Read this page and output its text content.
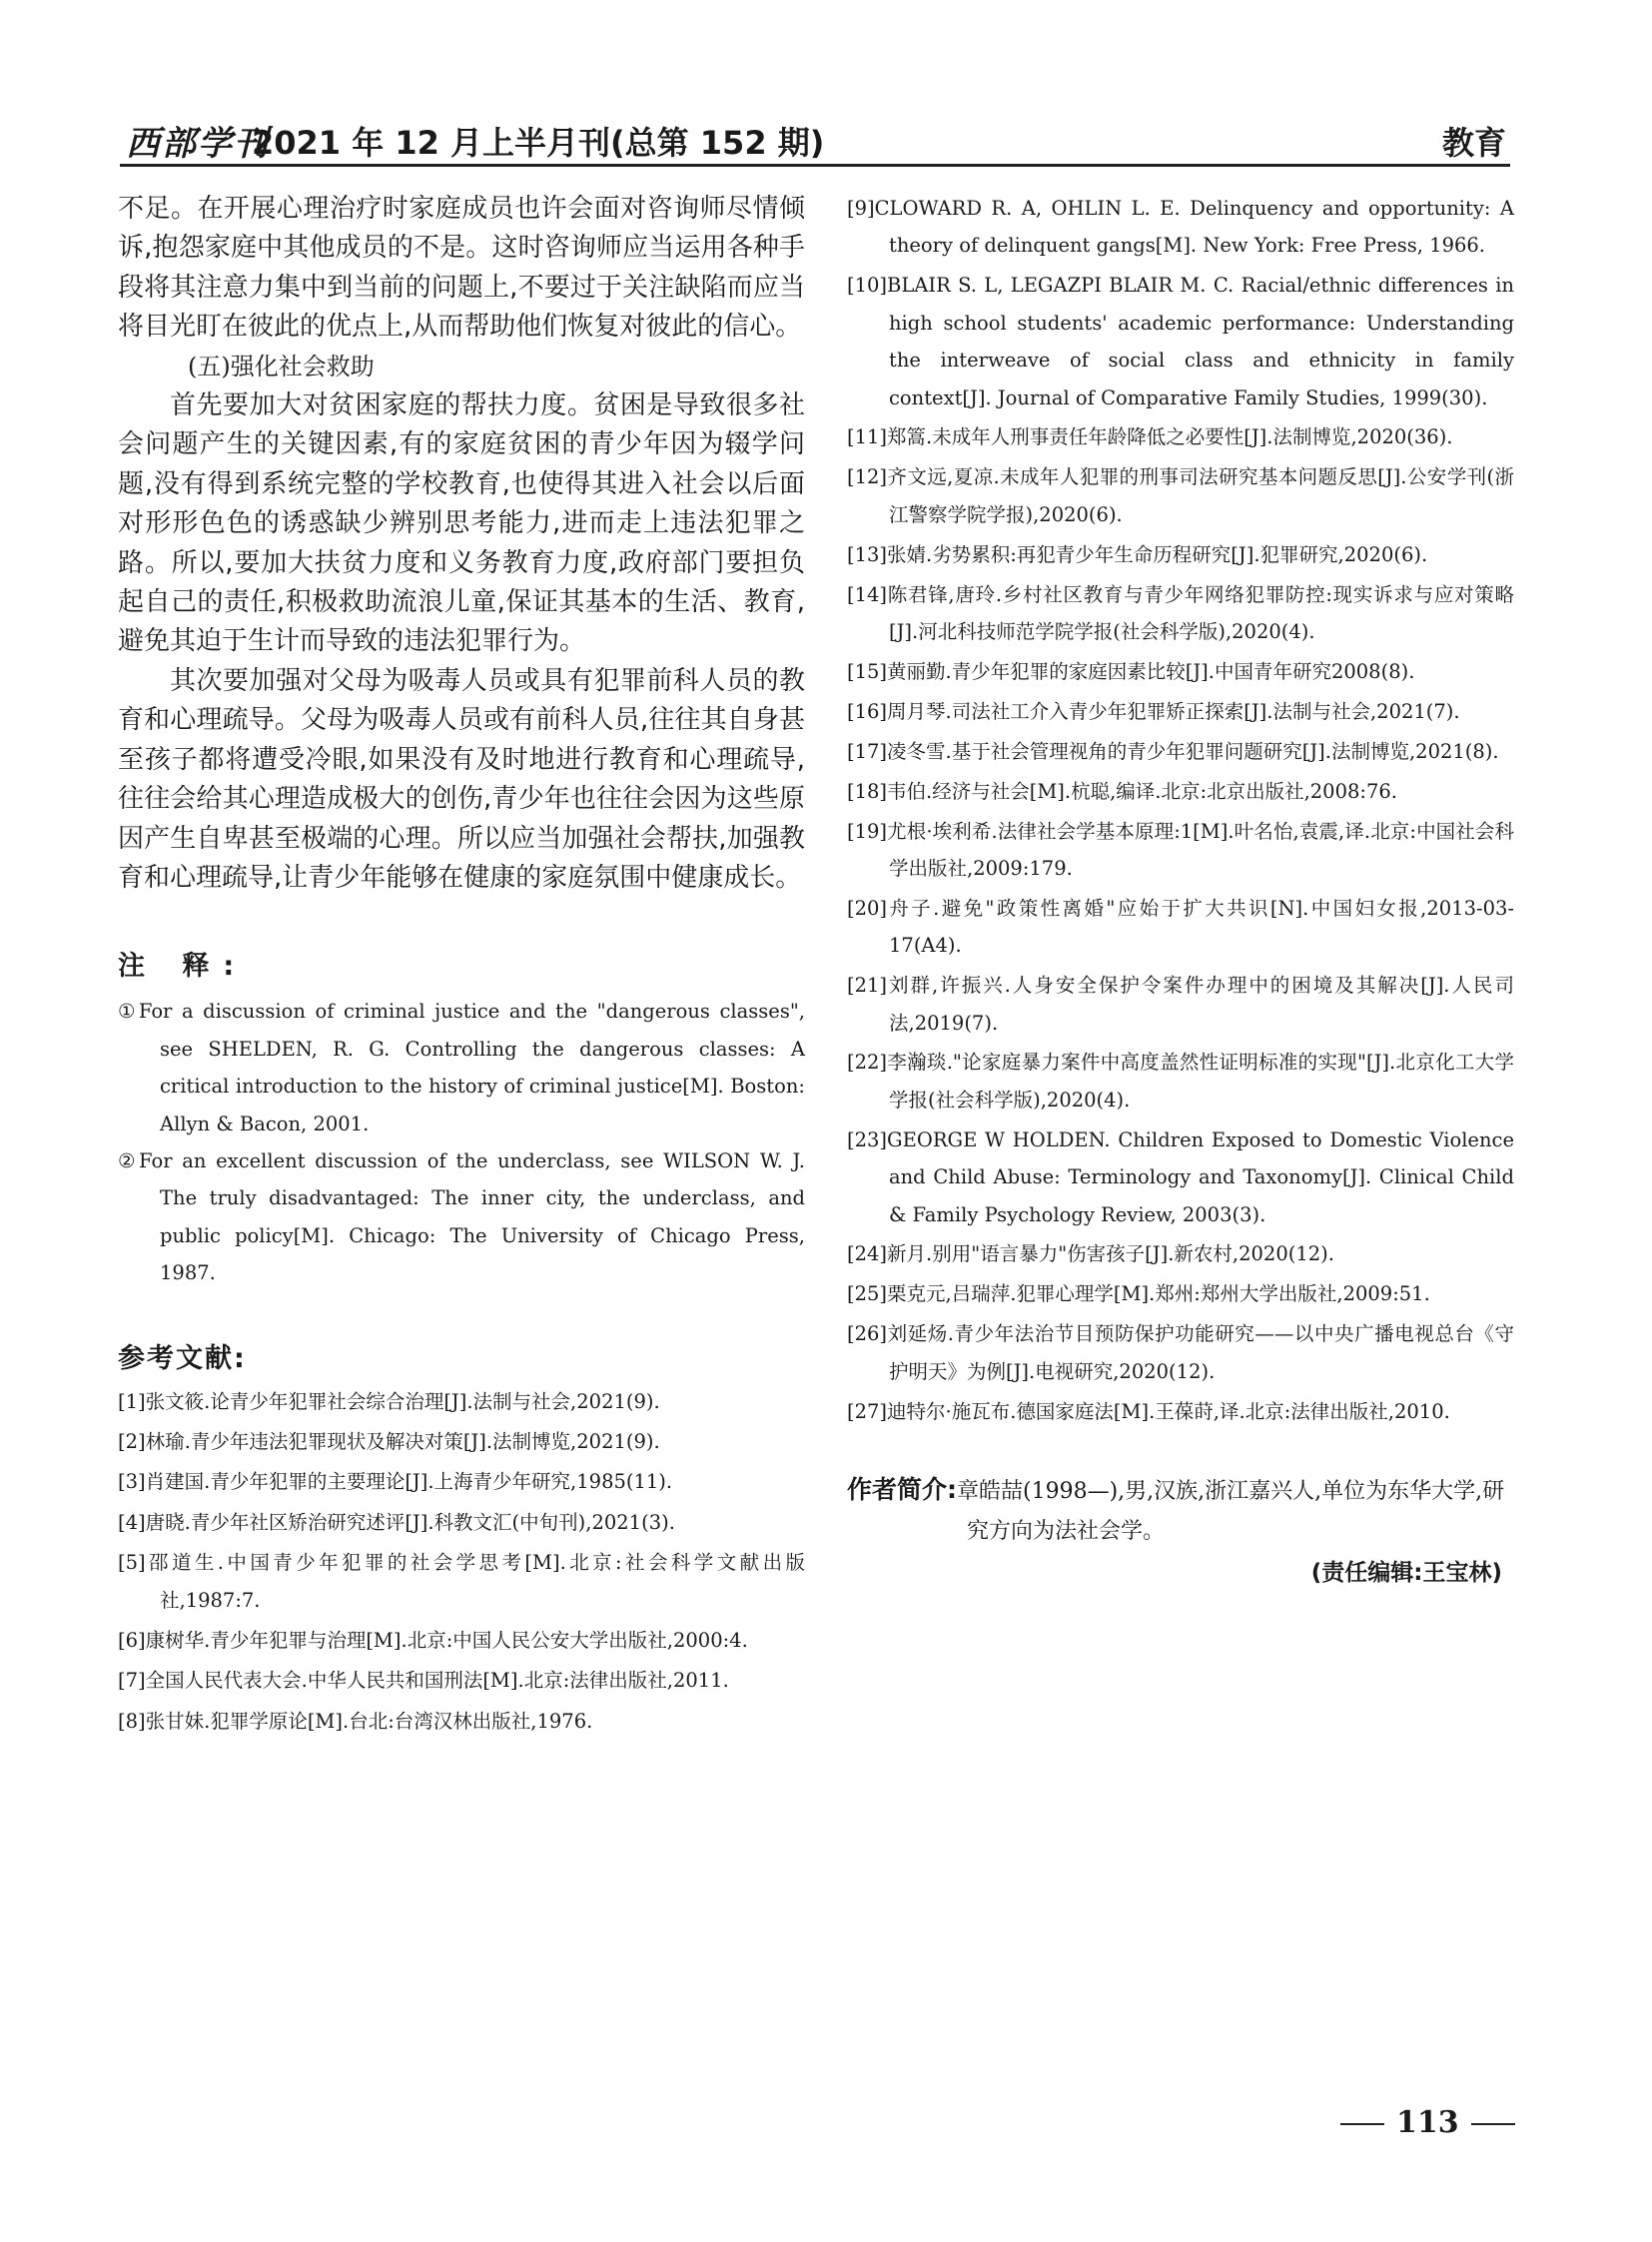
西部学刊
2021 年 12 月上半月刊(总第 152 期)	教育

不足。在开展心理治疗时家庭成员也许会面对咨询师尽情倾诉,抱怨家庭中其他成员的不是。这时咨询师应当运用各种手段将其注意力集中到当前的问题上,不要过于关注缺陷而应当将目光盯在彼此的优点上,从而帮助他们恢复对彼此的信心。

(五)强化社会救助

首先要加大对贫困家庭的帮扶力度。贫困是导致很多社会问题产生的关键因素,有的家庭贫困的青少年因为辍学问题,没有得到系统完整的学校教育,也使得其进入社会以后面对形形色色的诱惑缺少辨别思考能力,进而走上违法犯罪之路。所以,要加大扶贫力度和义务教育力度,政府部门要担负起自己的责任,积极救助流浪儿童,保证其基本的生活、教育,避免其迫于生计而导致的违法犯罪行为。

其次要加强对父母为吸毒人员或具有犯罪前科人员的教育和心理疏导。父母为吸毒人员或有前科人员,往往其自身甚至孩子都将遭受冷眼,如果没有及时地进行教育和心理疏导,往往会给其心理造成极大的创伤,青少年也往往会因为这些原因产生自卑甚至极端的心理。所以应当加强社会帮扶,加强教育和心理疏导,让青少年能够在健康的家庭氛围中健康成长。

注 释:

①For a discussion of criminal justice and the "dangerous classes", see SHELDEN, R. G. Controlling the dangerous classes: A critical introduction to the history of criminal justice[M]. Boston: Allyn & Bacon, 2001.

②For an excellent discussion of the underclass, see WILSON W. J. The truly disadvantaged: The inner city, the underclass, and public policy[M]. Chicago: The University of Chicago Press, 1987.

参考文献:

[1]张文筱.论青少年犯罪社会综合治理[J].法制与社会,2021(9).

[2]林瑜.青少年违法犯罪现状及解决对策[J].法制博览,2021(9).

[3]肖建国.青少年犯罪的主要理论[J].上海青少年研究,1985(11).

[4]唐晓.青少年社区矫治研究述评[J].科教文汇(中旬刊),2021(3).

[5]邵道生.中国青少年犯罪的社会学思考[M].北京:社会科学文献出版社,1987:7.

[6]康树华.青少年犯罪与治理[M].北京:中国人民公安大学出版社,2000:4.

[7]全国人民代表大会.中华人民共和国刑法[M].北京:法律出版社,2011.

[8]张甘妹.犯罪学原论[M].台北:台湾汉林出版社,1976.

[9]CLOWARD R. A, OHLIN L. E. Delinquency and opportunity: A theory of delinquent gangs[M]. New York: Free Press, 1966.

[10]BLAIR S. L, LEGAZPI BLAIR M. C. Racial/ethnic differences in high school students' academic performance: Understanding the interweave of social class and ethnicity in family context[J]. Journal of Comparative Family Studies, 1999(30).

[11]郑篙.未成年人刑事责任年龄降低之必要性[J].法制博览,2020(36).

[12]齐文远,夏凉.未成年人犯罪的刑事司法研究基本问题反思[J].公安学刊(浙江警察学院学报),2020(6).

[13]张婧.劣势累积:再犯青少年生命历程研究[J].犯罪研究,2020(6).

[14]陈君锋,唐玲.乡村社区教育与青少年网络犯罪防控:现实诉求与应对策略[J].河北科技师范学院学报(社会科学版),2020(4).

[15]黄丽勤.青少年犯罪的家庭因素比较[J].中国青年研究2008(8).

[16]周月琴.司法社工介入青少年犯罪矫正探索[J].法制与社会,2021(7).

[17]凌冬雪.基于社会管理视角的青少年犯罪问题研究[J].法制博览,2021(8).

[18]韦伯.经济与社会[M].杭聪,编译.北京:北京出版社,2008:76.

[19]尤根·埃利希.法律社会学基本原理:1[M].叶名怡,袁震,译.北京:中国社会科学出版社,2009:179.

[20]舟子.避免"政策性离婚"应始于扩大共识[N].中国妇女报,2013-03-17(A4).

[21]刘群,许振兴.人身安全保护令案件办理中的困境及其解决[J].人民司法,2019(7).

[22]李瀚琰."论家庭暴力案件中高度盖然性证明标准的实现"[J].北京化工大学学报(社会科学版),2020(4).

[23]GEORGE W HOLDEN. Children Exposed to Domestic Violence and Child Abuse: Terminology and Taxonomy[J]. Clinical Child & Family Psychology Review, 2003(3).

[24]新月.别用"语言暴力"伤害孩子[J].新农村,2020(12).

[25]栗克元,吕瑞萍.犯罪心理学[M].郑州:郑州大学出版社,2009:51.

[26]刘延炀.青少年法治节目预防保护功能研究——以中央广播电视总台《守护明天》为例[J].电视研究,2020(12).

[27]迪特尔·施瓦布.德国家庭法[M].王葆莳,译.北京:法律出版社,2010.

作者简介:章皓喆(1998—),男,汉族,浙江嘉兴人,单位为东华大学,研究方向为法社会学。
(责任编辑:王宝林)
113
